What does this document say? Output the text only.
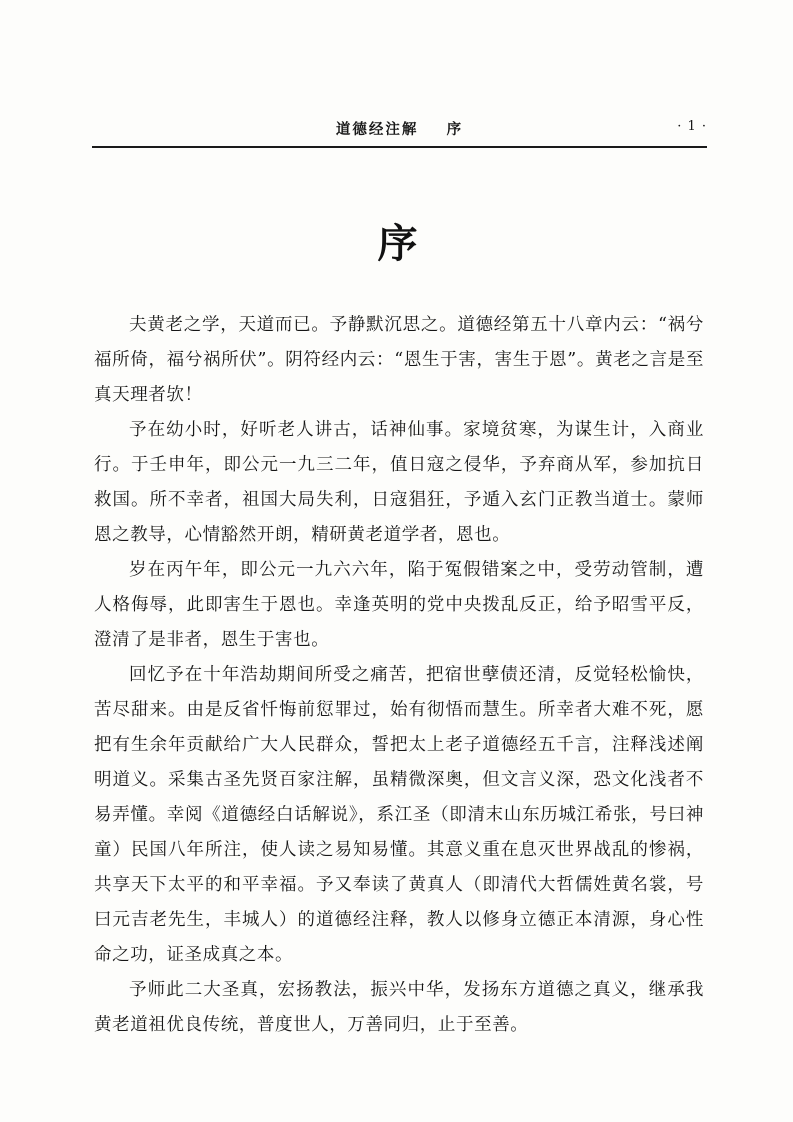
道德经注解    序	· 1 ·
序

夫黄老之学，天道而已。予静默沉思之。道德经第五十八章内云：“祸兮福所倚，福兮祸所伏”。阴符经内云：“恩生于害，害生于恩”。黄老之言是至真天理者欤！

予在幼小时，好听老人讲古，话神仙事。家境贫寒，为谋生计，入商业行。于壬申年，即公元一九三二年，值日寇之侵华，予弃商从军，参加抗日救国。所不幸者，祖国大局失利，日寇猖狂，予遁入玄门正教当道士。蒙师恩之教导，心情豁然开朗，精研黄老道学者，恩也。

岁在丙午年，即公元一九六六年，陷于冤假错案之中，受劳动管制，遭人格侮辱，此即害生于恩也。幸逢英明的党中央拨乱反正，给予昭雪平反，澄清了是非者，恩生于害也。

回忆予在十年浩劫期间所受之痛苦，把宿世孽债还清，反觉轻松愉快，苦尽甜来。由是反省忏悔前愆罪过，始有彻悟而慧生。所幸者大难不死，愿把有生余年贡献给广大人民群众，誓把太上老子道德经五千言，注释浅述阐明道义。采集古圣先贤百家注解，虽精微深奥，但文言义深，恐文化浅者不易弄懂。幸阅《道德经白话解说》，系江圣（即清末山东历城江希张，号曰神童）民国八年所注，使人读之易知易懂。其意义重在息灭世界战乱的惨祸，共享天下太平的和平幸福。予又奉读了黄真人（即清代大哲儒姓黄名裳，号曰元吉老先生，丰城人）的道德经注释，教人以修身立德正本清源，身心性命之功，证圣成真之本。

予师此二大圣真，宏扬教法，振兴中华，发扬东方道德之真义，继承我黄老道祖优良传统，普度世人，万善同归，止于至善。
